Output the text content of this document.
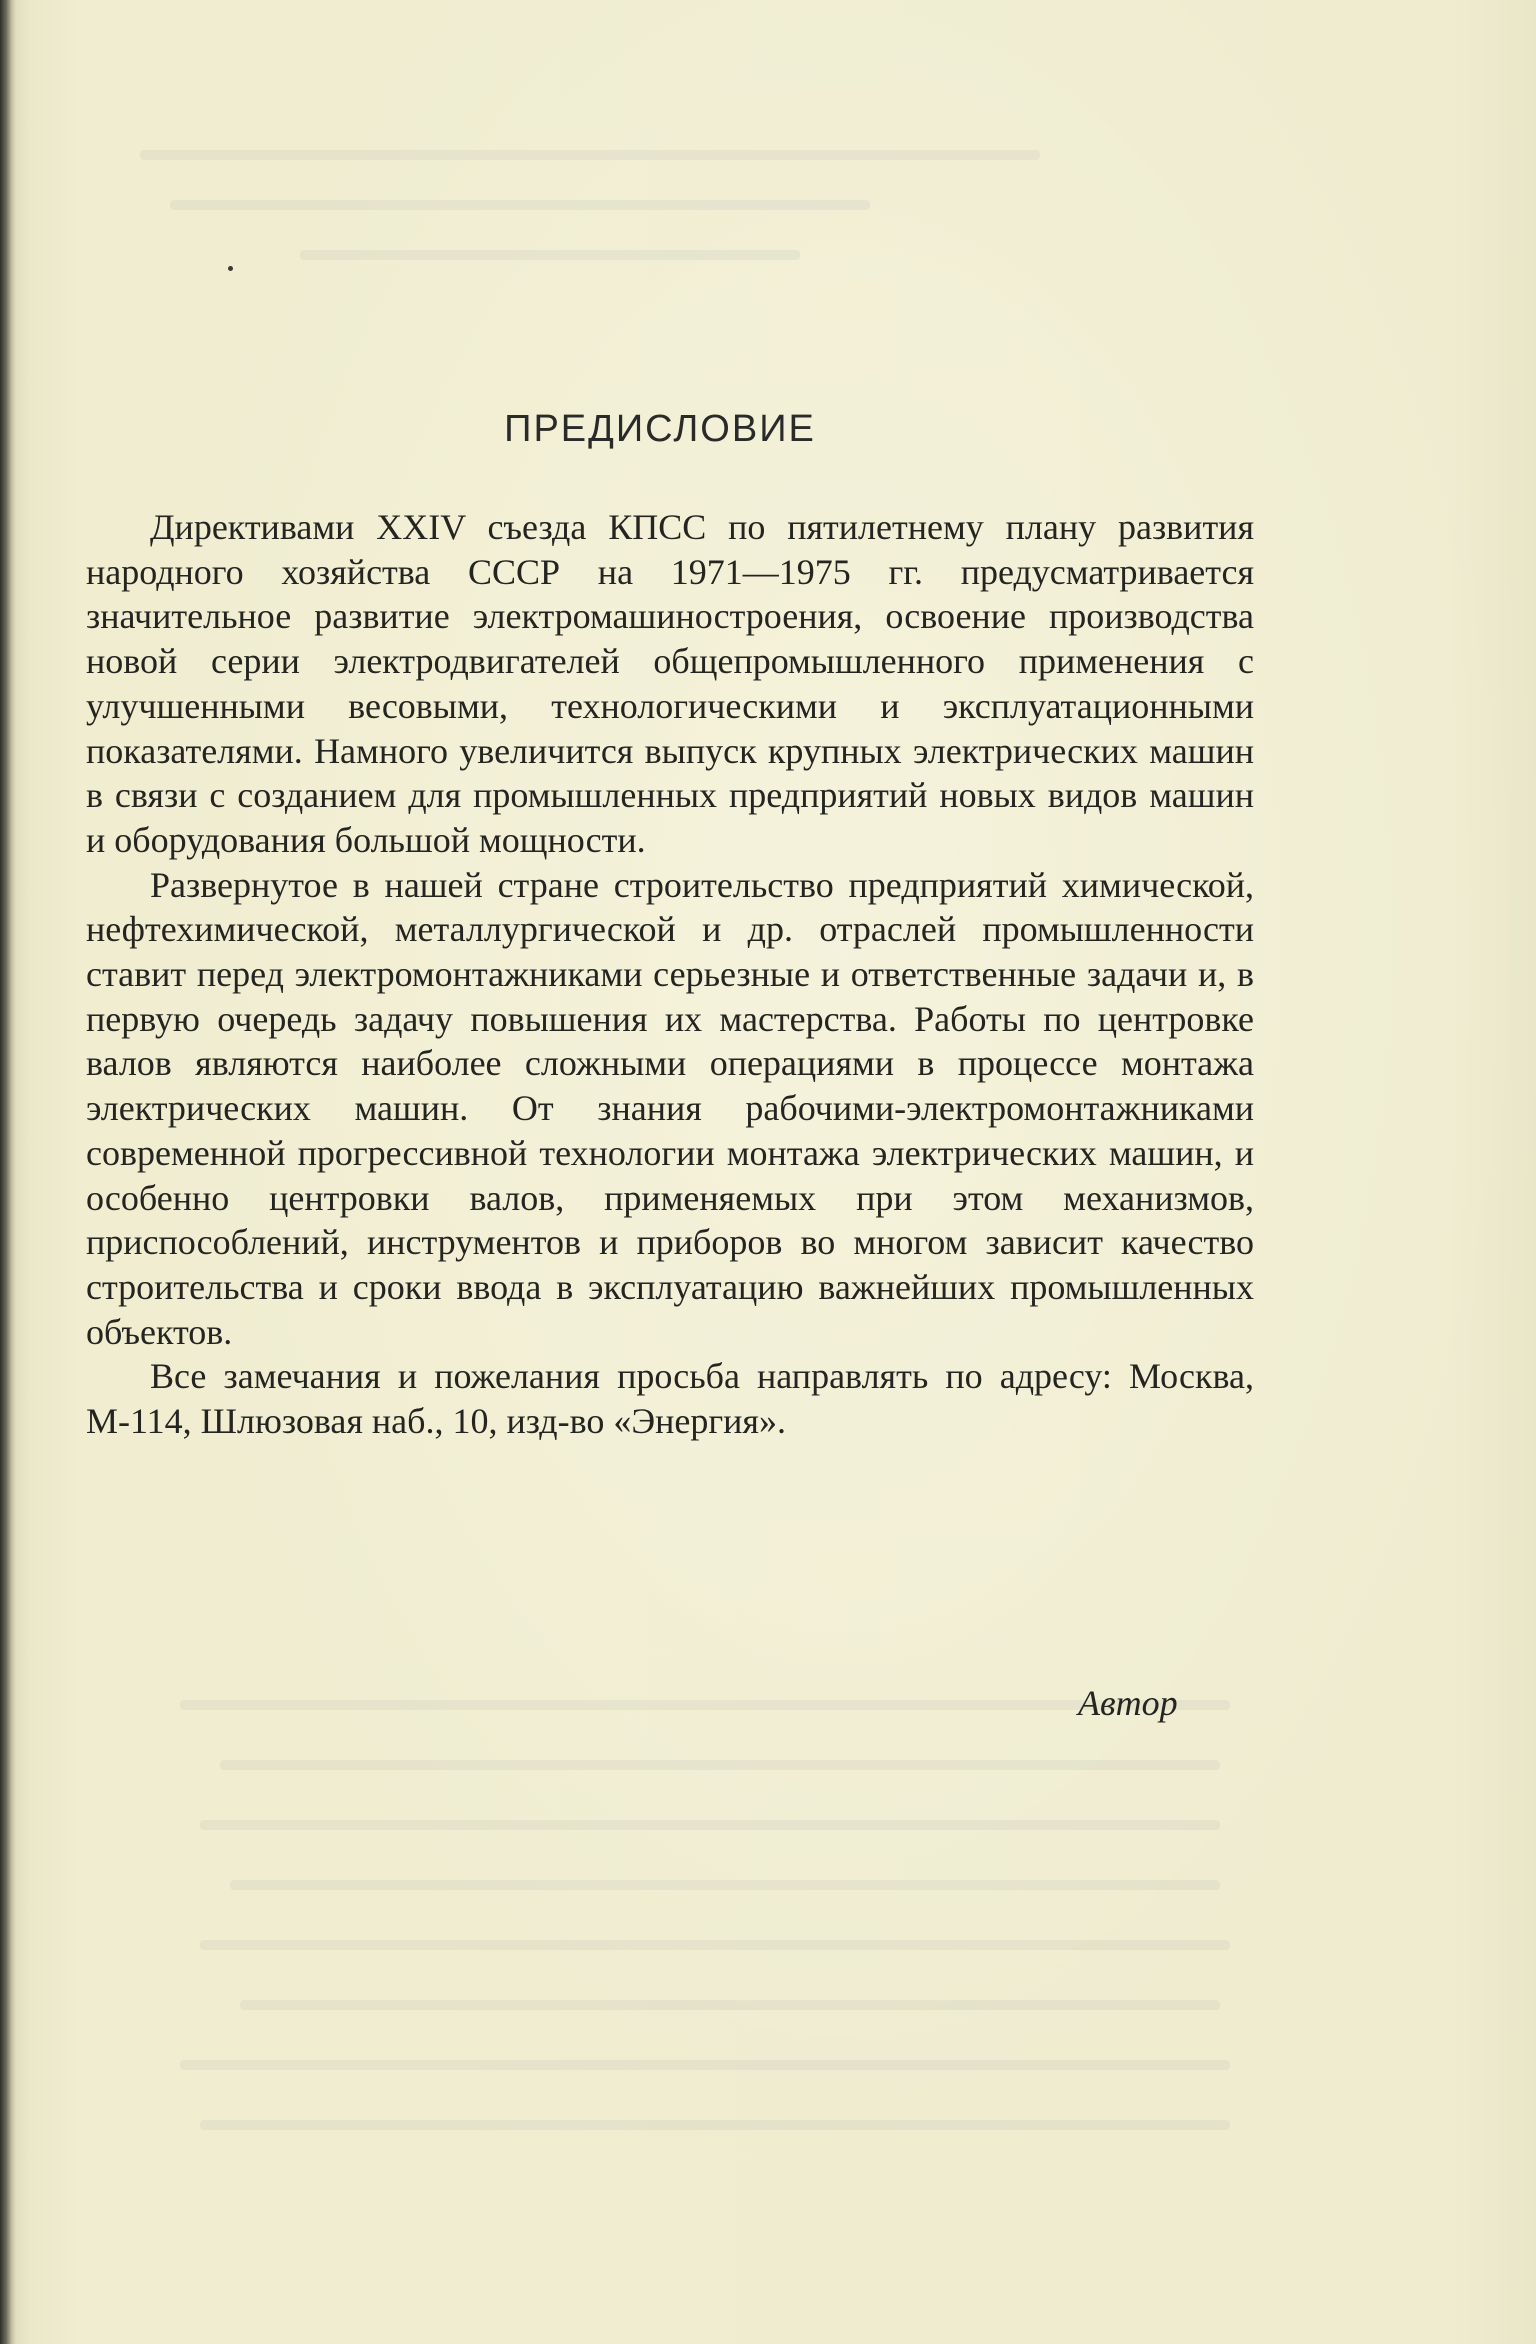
ПРЕДИСЛОВИЕ

Директивами XXIV съезда КПСС по пятилетнему плану развития народного хозяйства СССР на 1971—1975 гг. предусматривается значительное развитие электромашиностроения, освоение производства новой серии электродвигателей общепромышленного применения с улучшенными весовыми, технологическими и эксплуатационными показателями. Намного увеличится выпуск крупных электрических машин в связи с созданием для промышленных предприятий новых видов машин и оборудования большой мощности.

Развернутое в нашей стране строительство предприятий химической, нефтехимической, металлургической и др. отраслей промышленности ставит перед электромонтажниками серьезные и ответственные задачи и, в первую очередь задачу повышения их мастерства. Работы по центровке валов являются наиболее сложными операциями в процессе монтажа электрических машин. От знания рабочими-электромонтажниками современной прогрессивной технологии монтажа электрических машин, и особенно центровки валов, применяемых при этом механизмов, приспособлений, инструментов и приборов во многом зависит качество строительства и сроки ввода в эксплуатацию важнейших промышленных объектов.

Все замечания и пожелания просьба направлять по адресу: Москва, М-114, Шлюзовая наб., 10, изд-во «Энергия».

Автор
